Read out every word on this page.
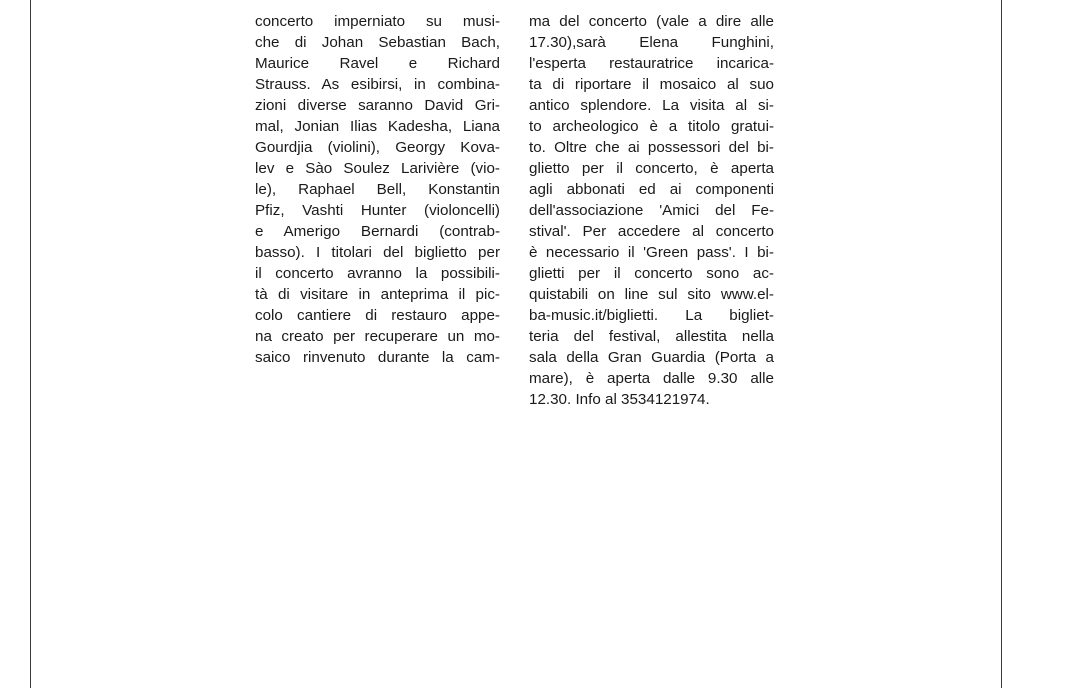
concerto imperniato su musi-
che di Johan Sebastian Bach,
Maurice Ravel e Richard
Strauss. As esibirsi, in combina-
zioni diverse saranno David Gri-
mal, Jonian Ilias Kadesha, Liana
Gourdjia (violini), Georgy Kova-
lev e Sào Soulez Larivière (vio-
le), Raphael Bell, Konstantin
Pfiz, Vashti Hunter (violoncelli)
e Amerigo Bernardi (contrab-
basso). I titolari del biglietto per
il concerto avranno la possibili-
tà di visitare in anteprima il pic-
colo cantiere di restauro appe-
na creato per recuperare un mo-
saico rinvenuto durante la cam-
ma del concerto (vale a dire alle
17.30),sarà Elena Funghini,
l'esperta restauratrice incarica-
ta di riportare il mosaico al suo
antico splendore. La visita al si-
to archeologico è a titolo gratui-
to. Oltre che ai possessori del bi-
glietto per il concerto, è aperta
agli abbonati ed ai componenti
dell'associazione 'Amici del Fe-
stival'. Per accedere al concerto
è necessario il 'Green pass'. I bi-
glietti per il concerto sono ac-
quistabili on line sul sito www.el-
ba-music.it/biglietti. La bigliet-
teria del festival, allestita nella
sala della Gran Guardia (Porta a
mare), è aperta dalle 9.30 alle
12.30. Info al 3534121974.
